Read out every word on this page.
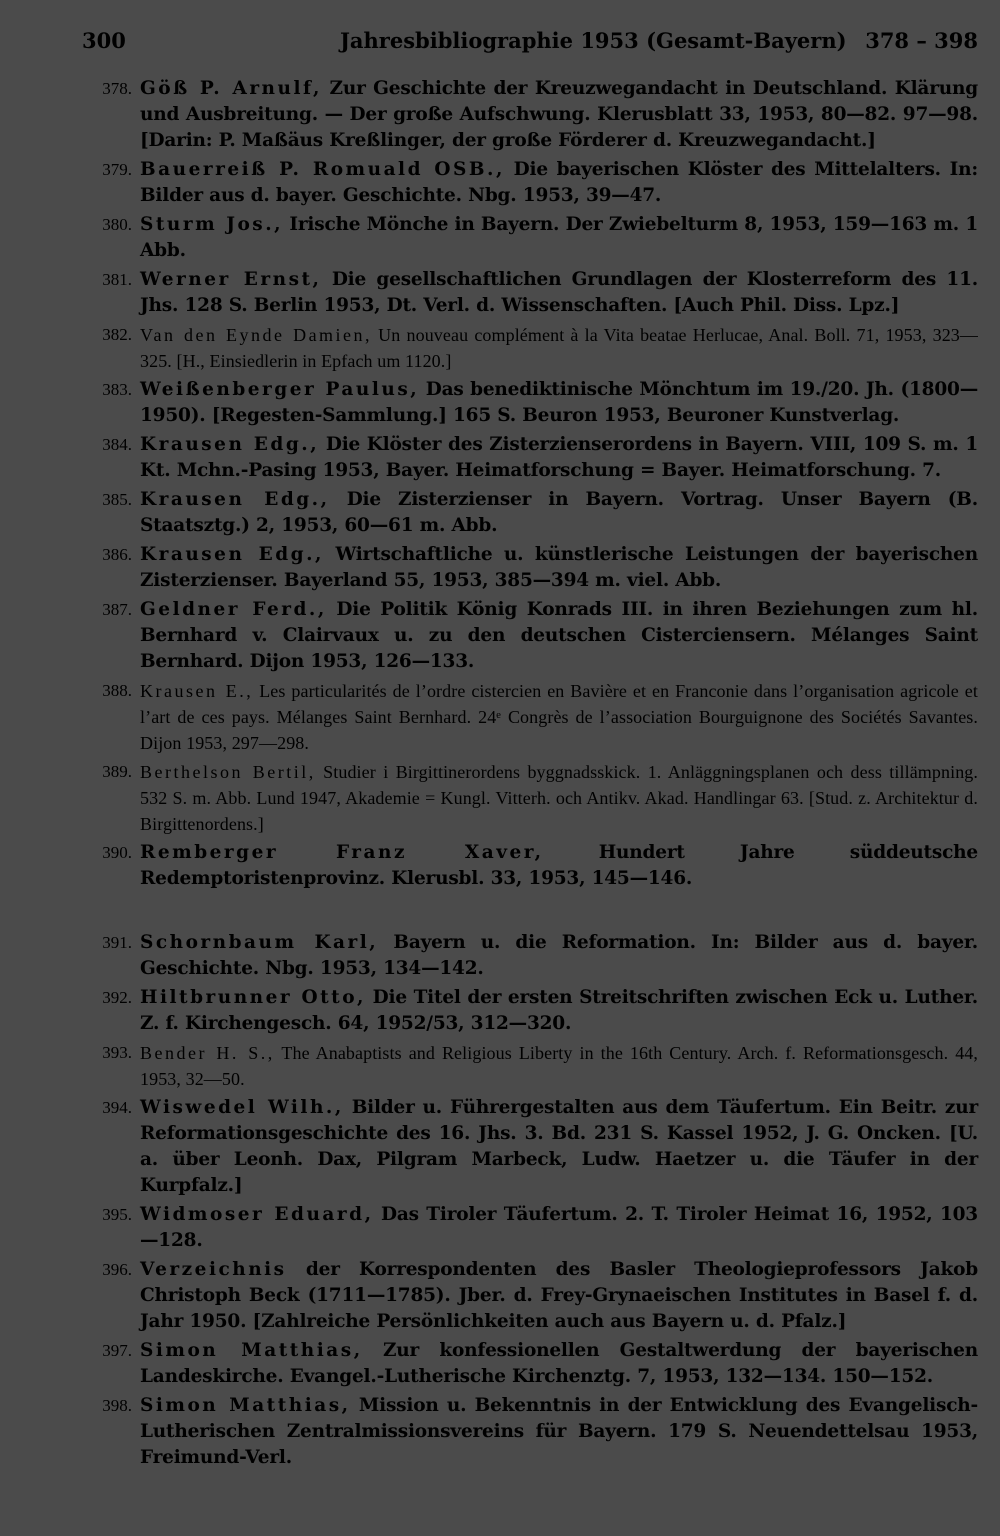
300	Jahresbibliographie 1953 (Gesamt-Bayern) 378 – 398
378. Göß P. Arnulf, Zur Geschichte der Kreuzwegandacht in Deutschland. Klärung und Ausbreitung. — Der große Aufschwung. Klerusblatt 33, 1953, 80—82. 97—98. [Darin: P. Maßäus Kreßlinger, der große Förderer d. Kreuzwegandacht.]
379. Bauerreiß P. Romuald OSB., Die bayerischen Klöster des Mittelalters. In: Bilder aus d. bayer. Geschichte. Nbg. 1953, 39—47.
380. Sturm Jos., Irische Mönche in Bayern. Der Zwiebelturm 8, 1953, 159—163 m. 1 Abb.
381. Werner Ernst, Die gesellschaftlichen Grundlagen der Klosterreform des 11. Jhs. 128 S. Berlin 1953, Dt. Verl. d. Wissenschaften. [Auch Phil. Diss. Lpz.]
382. Van den Eynde Damien, Un nouveau complément à la Vita beatae Herlucae, Anal. Boll. 71, 1953, 323—325. [H., Einsiedlerin in Epfach um 1120.]
383. Weißenberger Paulus, Das benediktinische Mönchtum im 19./20. Jh. (1800—1950). [Regesten-Sammlung.] 165 S. Beuron 1953, Beuroner Kunstverlag.
384. Krausen Edg., Die Klöster des Zisterzienserordens in Bayern. VIII, 109 S. m. 1 Kt. Mchn.-Pasing 1953, Bayer. Heimatforschung = Bayer. Heimatforschung. 7.
385. Krausen Edg., Die Zisterzienser in Bayern. Vortrag. Unser Bayern (B. Staatsztg.) 2, 1953, 60—61 m. Abb.
386. Krausen Edg., Wirtschaftliche u. künstlerische Leistungen der bayerischen Zisterzienser. Bayerland 55, 1953, 385—394 m. viel. Abb.
387. Geldner Ferd., Die Politik König Konrads III. in ihren Beziehungen zum hl. Bernhard v. Clairvaux u. zu den deutschen Cisterciensern. Mélanges Saint Bernhard. Dijon 1953, 126—133.
388. Krausen E., Les particularités de l’ordre cistercien en Bavière et en Franconie dans l’organisation agricole et l’art de ces pays. Mélanges Saint Bernhard. 24ᵉ Congrès de l’association Bourguignone des Sociétés Savantes. Dijon 1953, 297—298.
389. Berthelson Bertil, Studier i Birgittinerordens byggnadsskick. 1. Anläggningsplanen och dess tillämpning. 532 S. m. Abb. Lund 1947, Akademie = Kungl. Vitterh. och Antikv. Akad. Handlingar 63. [Stud. z. Architektur d. Birgittenordens.]
390. Remberger Franz Xaver, Hundert Jahre süddeutsche Redemptoristenprovinz. Klerusbl. 33, 1953, 145—146.
391. Schornbaum Karl, Bayern u. die Reformation. In: Bilder aus d. bayer. Geschichte. Nbg. 1953, 134—142.
392. Hiltbrunner Otto, Die Titel der ersten Streitschriften zwischen Eck u. Luther. Z. f. Kirchengesch. 64, 1952/53, 312—320.
393. Bender H. S., The Anabaptists and Religious Liberty in the 16th Century. Arch. f. Reformationsgesch. 44, 1953, 32—50.
394. Wiswedel Wilh., Bilder u. Führergestalten aus dem Täufertum. Ein Beitr. zur Reformationsgeschichte des 16. Jhs. 3. Bd. 231 S. Kassel 1952, J. G. Oncken. [U. a. über Leonh. Dax, Pilgram Marbeck, Ludw. Haetzer u. die Täufer in der Kurpfalz.]
395. Widmoser Eduard, Das Tiroler Täufertum. 2. T. Tiroler Heimat 16, 1952, 103—128.
396. Verzeichnis der Korrespondenten des Basler Theologieprofessors Jakob Christoph Beck (1711—1785). Jber. d. Frey-Grynaeischen Institutes in Basel f. d. Jahr 1950. [Zahlreiche Persönlichkeiten auch aus Bayern u. d. Pfalz.]
397. Simon Matthias, Zur konfessionellen Gestaltwerdung der bayerischen Landeskirche. Evangel.-Lutherische Kirchenztg. 7, 1953, 132—134. 150—152.
398. Simon Matthias, Mission u. Bekenntnis in der Entwicklung des Evangelisch-Lutherischen Zentralmissionsvereins für Bayern. 179 S. Neuendettelsau 1953, Freimund-Verl.
